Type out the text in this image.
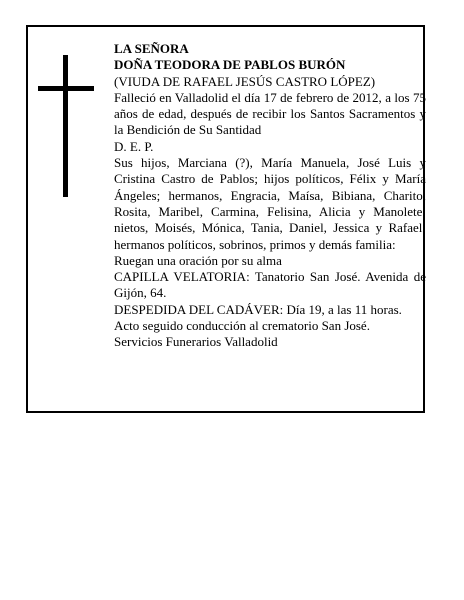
LA SEÑORA
DOÑA TEODORA DE PABLOS BURÓN
(VIUDA DE RAFAEL JESÚS CASTRO LÓPEZ)
Falleció en Valladolid el día 17 de febrero de 2012, a los 75 años de edad, después de recibir los Santos Sacramentos y la Bendición de Su Santidad
D. E. P.
Sus hijos, Marciana (?), María Manuela, José Luis y Cristina Castro de Pablos; hijos políticos, Félix y María Ángeles; hermanos, Engracia, Maísa, Bibiana, Charito, Rosita, Maribel, Carmina, Felisina, Alicia y Manolete; nietos, Moisés, Mónica, Tania, Daniel, Jessica y Rafael; hermanos políticos, sobrinos, primos y demás familia:
Ruegan una oración por su alma
CAPILLA VELATORIA: Tanatorio San José. Avenida de Gijón, 64.
DESPEDIDA DEL CADÁVER: Día 19, a las 11 horas.
Acto seguido conducción al crematorio San José.
Servicios Funerarios Valladolid
